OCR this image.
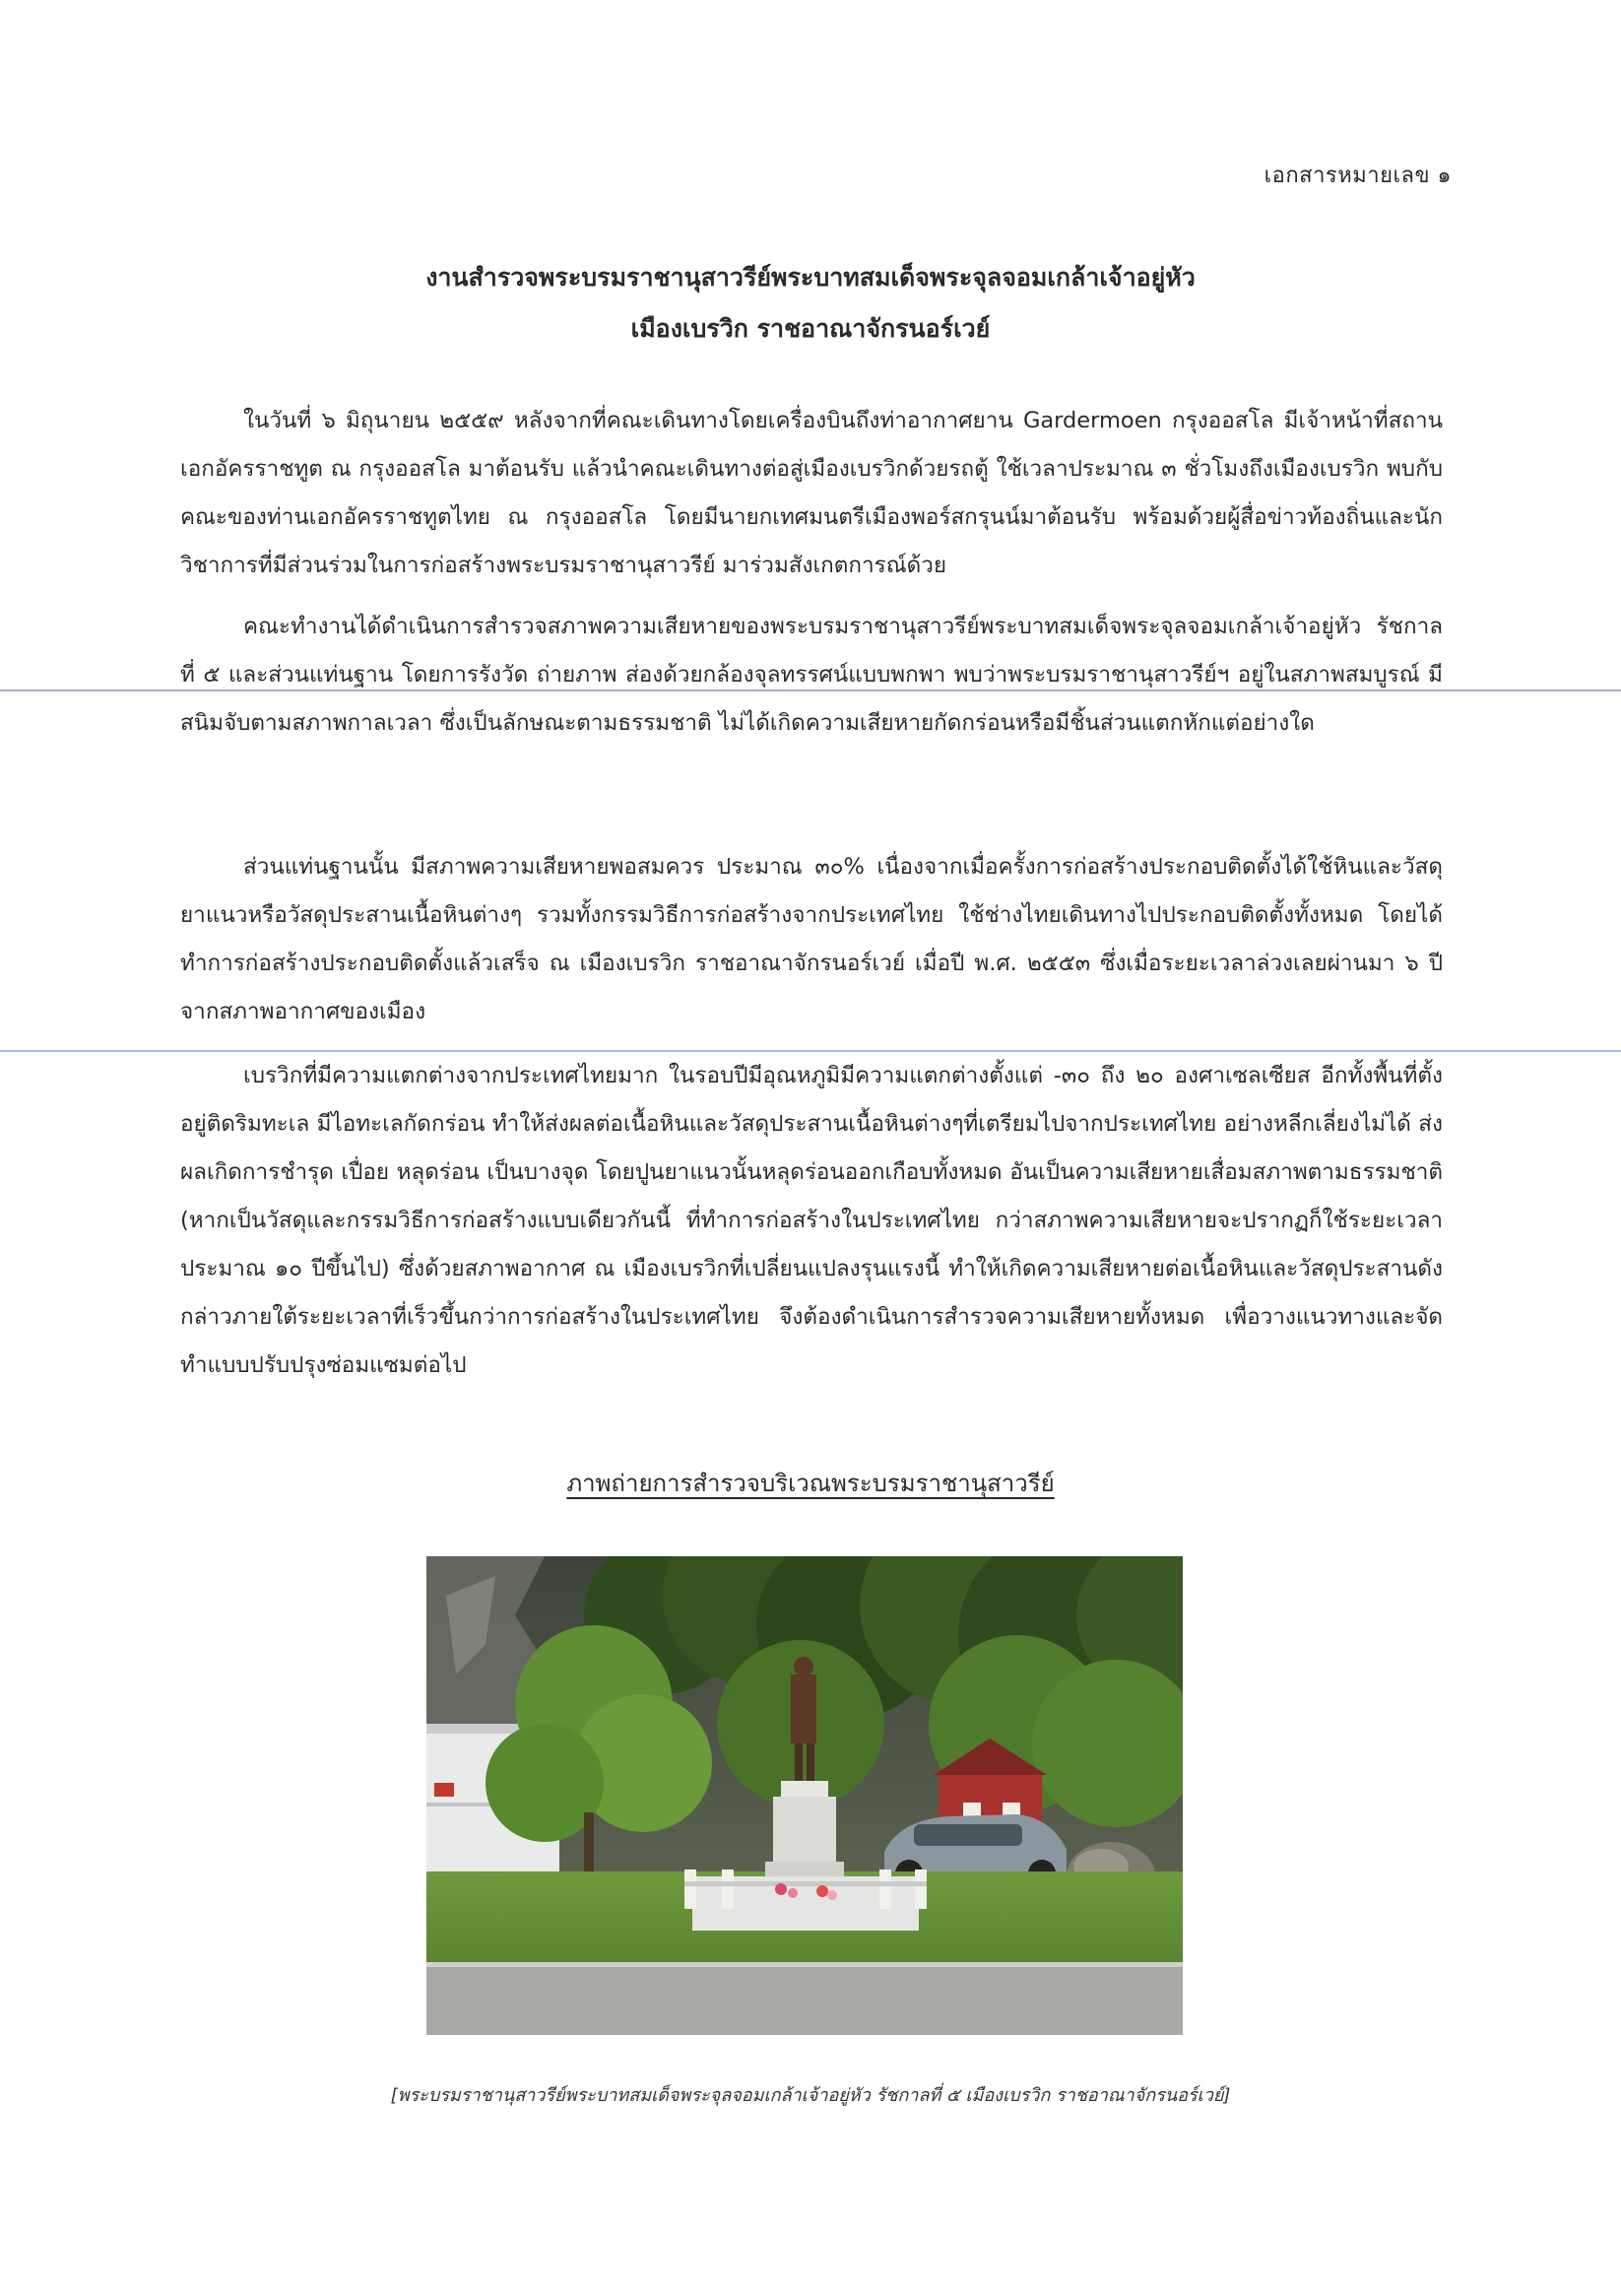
เอกสารหมายเลข ๑
งานสำรวจพระบรมราชานุสาวรีย์พระบาทสมเด็จพระจุลจอมเกล้าเจ้าอยู่หัว
เมืองเบรวิก ราชอาณาจักรนอร์เวย์

ในวันที่ ๖ มิถุนายน ๒๕๕๙ หลังจากที่คณะเดินทางโดยเครื่องบินถึงท่าอากาศยาน Gardermoen กรุงออสโล มีเจ้าหน้าที่สถานเอกอัครราชทูต ณ กรุงออสโล มาต้อนรับ แล้วนำคณะเดินทางต่อสู่เมืองเบรวิกด้วยรถตู้ ใช้เวลาประมาณ ๓ ชั่วโมงถึงเมืองเบรวิก พบกับคณะของท่านเอกอัครราชทูตไทย ณ กรุงออสโล โดยมีนายกเทศมนตรีเมืองพอร์สกรุนน์มาต้อนรับ พร้อมด้วยผู้สื่อข่าวท้องถิ่นและนักวิชาการที่มีส่วนร่วมในการก่อสร้างพระบรมราชานุสาวรีย์ มาร่วมสังเกตการณ์ด้วย

คณะทำงานได้ดำเนินการสำรวจสภาพความเสียหายของพระบรมราชานุสาวรีย์พระบาทสมเด็จพระจุลจอมเกล้าเจ้าอยู่หัว รัชกาลที่ ๕ และส่วนแท่นฐาน โดยการรังวัด ถ่ายภาพ ส่องด้วยกล้องจุลทรรศน์แบบพกพา พบว่าพระบรมราชานุสาวรีย์ฯ อยู่ในสภาพสมบูรณ์ มีสนิมจับตามสภาพกาลเวลา ซึ่งเป็นลักษณะตามธรรมชาติ ไม่ได้เกิดความเสียหายกัดกร่อนหรือมีชิ้นส่วนแตกหักแต่อย่างใด

ส่วนแท่นฐานนั้น มีสภาพความเสียหายพอสมควร ประมาณ ๓๐% เนื่องจากเมื่อครั้งการก่อสร้างประกอบติดตั้งได้ใช้หินและวัสดุยาแนวหรือวัสดุประสานเนื้อหินต่างๆ รวมทั้งกรรมวิธีการก่อสร้างจากประเทศไทย ใช้ช่างไทยเดินทางไปประกอบติดตั้งทั้งหมด โดยได้ทำการก่อสร้างประกอบติดตั้งแล้วเสร็จ ณ เมืองเบรวิก ราชอาณาจักรนอร์เวย์ เมื่อปี พ.ศ. ๒๕๕๓ ซึ่งเมื่อระยะเวลาล่วงเลยผ่านมา ๖ ปี จากสภาพอากาศของเมือง

เบรวิกที่มีความแตกต่างจากประเทศไทยมาก ในรอบปีมีอุณหภูมิมีความแตกต่างตั้งแต่ -๓๐ ถึง ๒๐ องศาเซลเซียส อีกทั้งพื้นที่ตั้งอยู่ติดริมทะเล มีไอทะเลกัดกร่อน ทำให้ส่งผลต่อเนื้อหินและวัสดุประสานเนื้อหินต่างๆที่เตรียมไปจากประเทศไทย อย่างหลีกเลี่ยงไม่ได้ ส่งผลเกิดการชำรุด เปื่อย หลุดร่อน เป็นบางจุด โดยปูนยาแนวนั้นหลุดร่อนออกเกือบทั้งหมด อันเป็นความเสียหายเสื่อมสภาพตามธรรมชาติ (หากเป็นวัสดุและกรรมวิธีการก่อสร้างแบบเดียวกันนี้ ที่ทำการก่อสร้างในประเทศไทย กว่าสภาพความเสียหายจะปรากฏก็ใช้ระยะเวลาประมาณ ๑๐ ปีขึ้นไป) ซึ่งด้วยสภาพอากาศ ณ เมืองเบรวิกที่เปลี่ยนแปลงรุนแรงนี้ ทำให้เกิดความเสียหายต่อเนื้อหินและวัสดุประสานดังกล่าวภายใต้ระยะเวลาที่เร็วขึ้นกว่าการก่อสร้างในประเทศไทย จึงต้องดำเนินการสำรวจความเสียหายทั้งหมด เพื่อวางแนวทางและจัดทำแบบปรับปรุงซ่อมแซมต่อไป

ภาพถ่ายการสำรวจบริเวณพระบรมราชานุสาวรีย์
[พระบรมราชานุสาวรีย์พระบาทสมเด็จพระจุลจอมเกล้าเจ้าอยู่หัว รัชกาลที่ ๕ เมืองเบรวิก ราชอาณาจักรนอร์เวย์]
